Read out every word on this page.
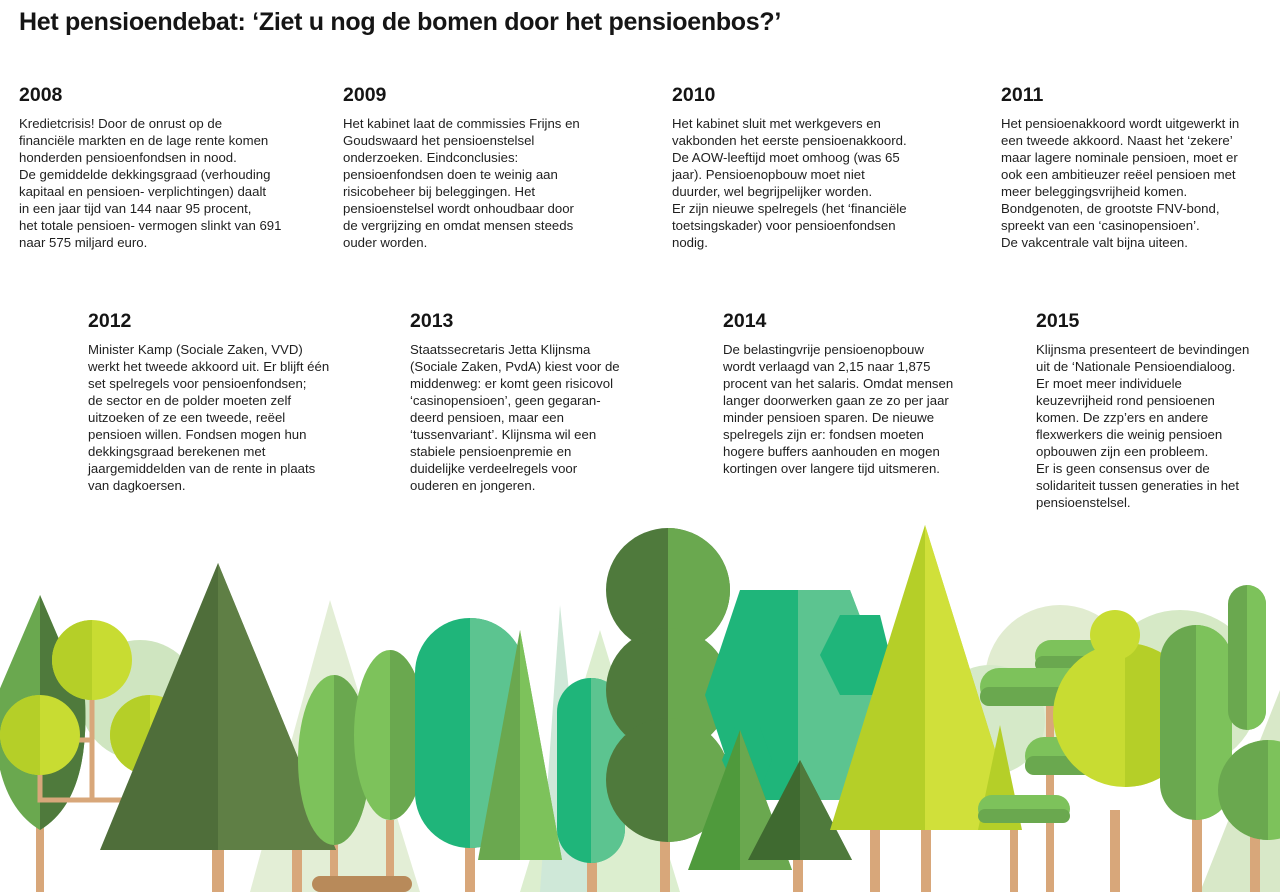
Het pensioendebat: ‘Ziet u nog de bomen door het pensioenbos?’
2008

Kredietcrisis! Door de onrust op de
financiële markten en de lage rente komen
honderden pensioenfondsen in nood.
De gemiddelde dekkingsgraad (verhouding
kapitaal en pensioen- verplichtingen) daalt
in een jaar tijd van 144 naar 95 procent,
het totale pensioen- vermogen slinkt van 691
naar 575 miljard euro.

2009

Het kabinet laat de commissies Frijns en
Goudswaard het pensioenstelsel
onderzoeken. Eindconclusies:
pensioenfondsen doen te weinig aan
risicobeheer bij beleggingen. Het
pensioenstelsel wordt onhoudbaar door
de vergrijzing en omdat mensen steeds
ouder worden.

2010

Het kabinet sluit met werkgevers en
vakbonden het eerste pensioenakkoord.
De AOW-leeftijd moet omhoog (was 65
jaar). Pensioenopbouw moet niet
duurder, wel begrijpelijker worden.
Er zijn nieuwe spelregels (het ‘financiële
toetsingskader) voor pensioenfondsen
nodig.

2011

Het pensioenakkoord wordt uitgewerkt in
een tweede akkoord. Naast het ‘zekere’
maar lagere nominale pensioen, moet er
ook een ambitieuzer reëel pensioen met
meer beleggingsvrijheid komen.
Bondgenoten, de grootste FNV-bond,
spreekt van een ‘casinopensioen’.
De vakcentrale valt bijna uiteen.

2012

Minister Kamp (Sociale Zaken, VVD)
werkt het tweede akkoord uit. Er blijft één
set spelregels voor pensioenfondsen;
de sector en de polder moeten zelf
uitzoeken of ze een tweede, reëel
pensioen willen. Fondsen mogen hun
dekkingsgraad berekenen met
jaargemiddelden van de rente in plaats
van dagkoersen.

2013

Staatssecretaris Jetta Klijnsma
(Sociale Zaken, PvdA) kiest voor de
middenweg: er komt geen risicovol
‘casinopensioen’, geen gegaran-
deerd pensioen, maar een
‘tussenvariant’. Klijnsma wil een
stabiele pensioenpremie en
duidelijke verdeelregels voor
ouderen en jongeren.

2014

De belastingvrije pensioenopbouw
wordt verlaagd van 2,15 naar 1,875
procent van het salaris. Omdat mensen
langer doorwerken gaan ze zo per jaar
minder pensioen sparen. De nieuwe
spelregels zijn er: fondsen moeten
hogere buffers aanhouden en mogen
kortingen over langere tijd uitsmeren.

2015

Klijnsma presenteert de bevindingen
uit de ‘Nationale Pensioendialoog.
Er moet meer individuele
keuzevrijheid rond pensioenen
komen. De zzp’ers en andere
flexwerkers die weinig pensioen
opbouwen zijn een probleem.
Er is geen consensus over de
solidariteit tussen generaties in het
pensioenstelsel.
